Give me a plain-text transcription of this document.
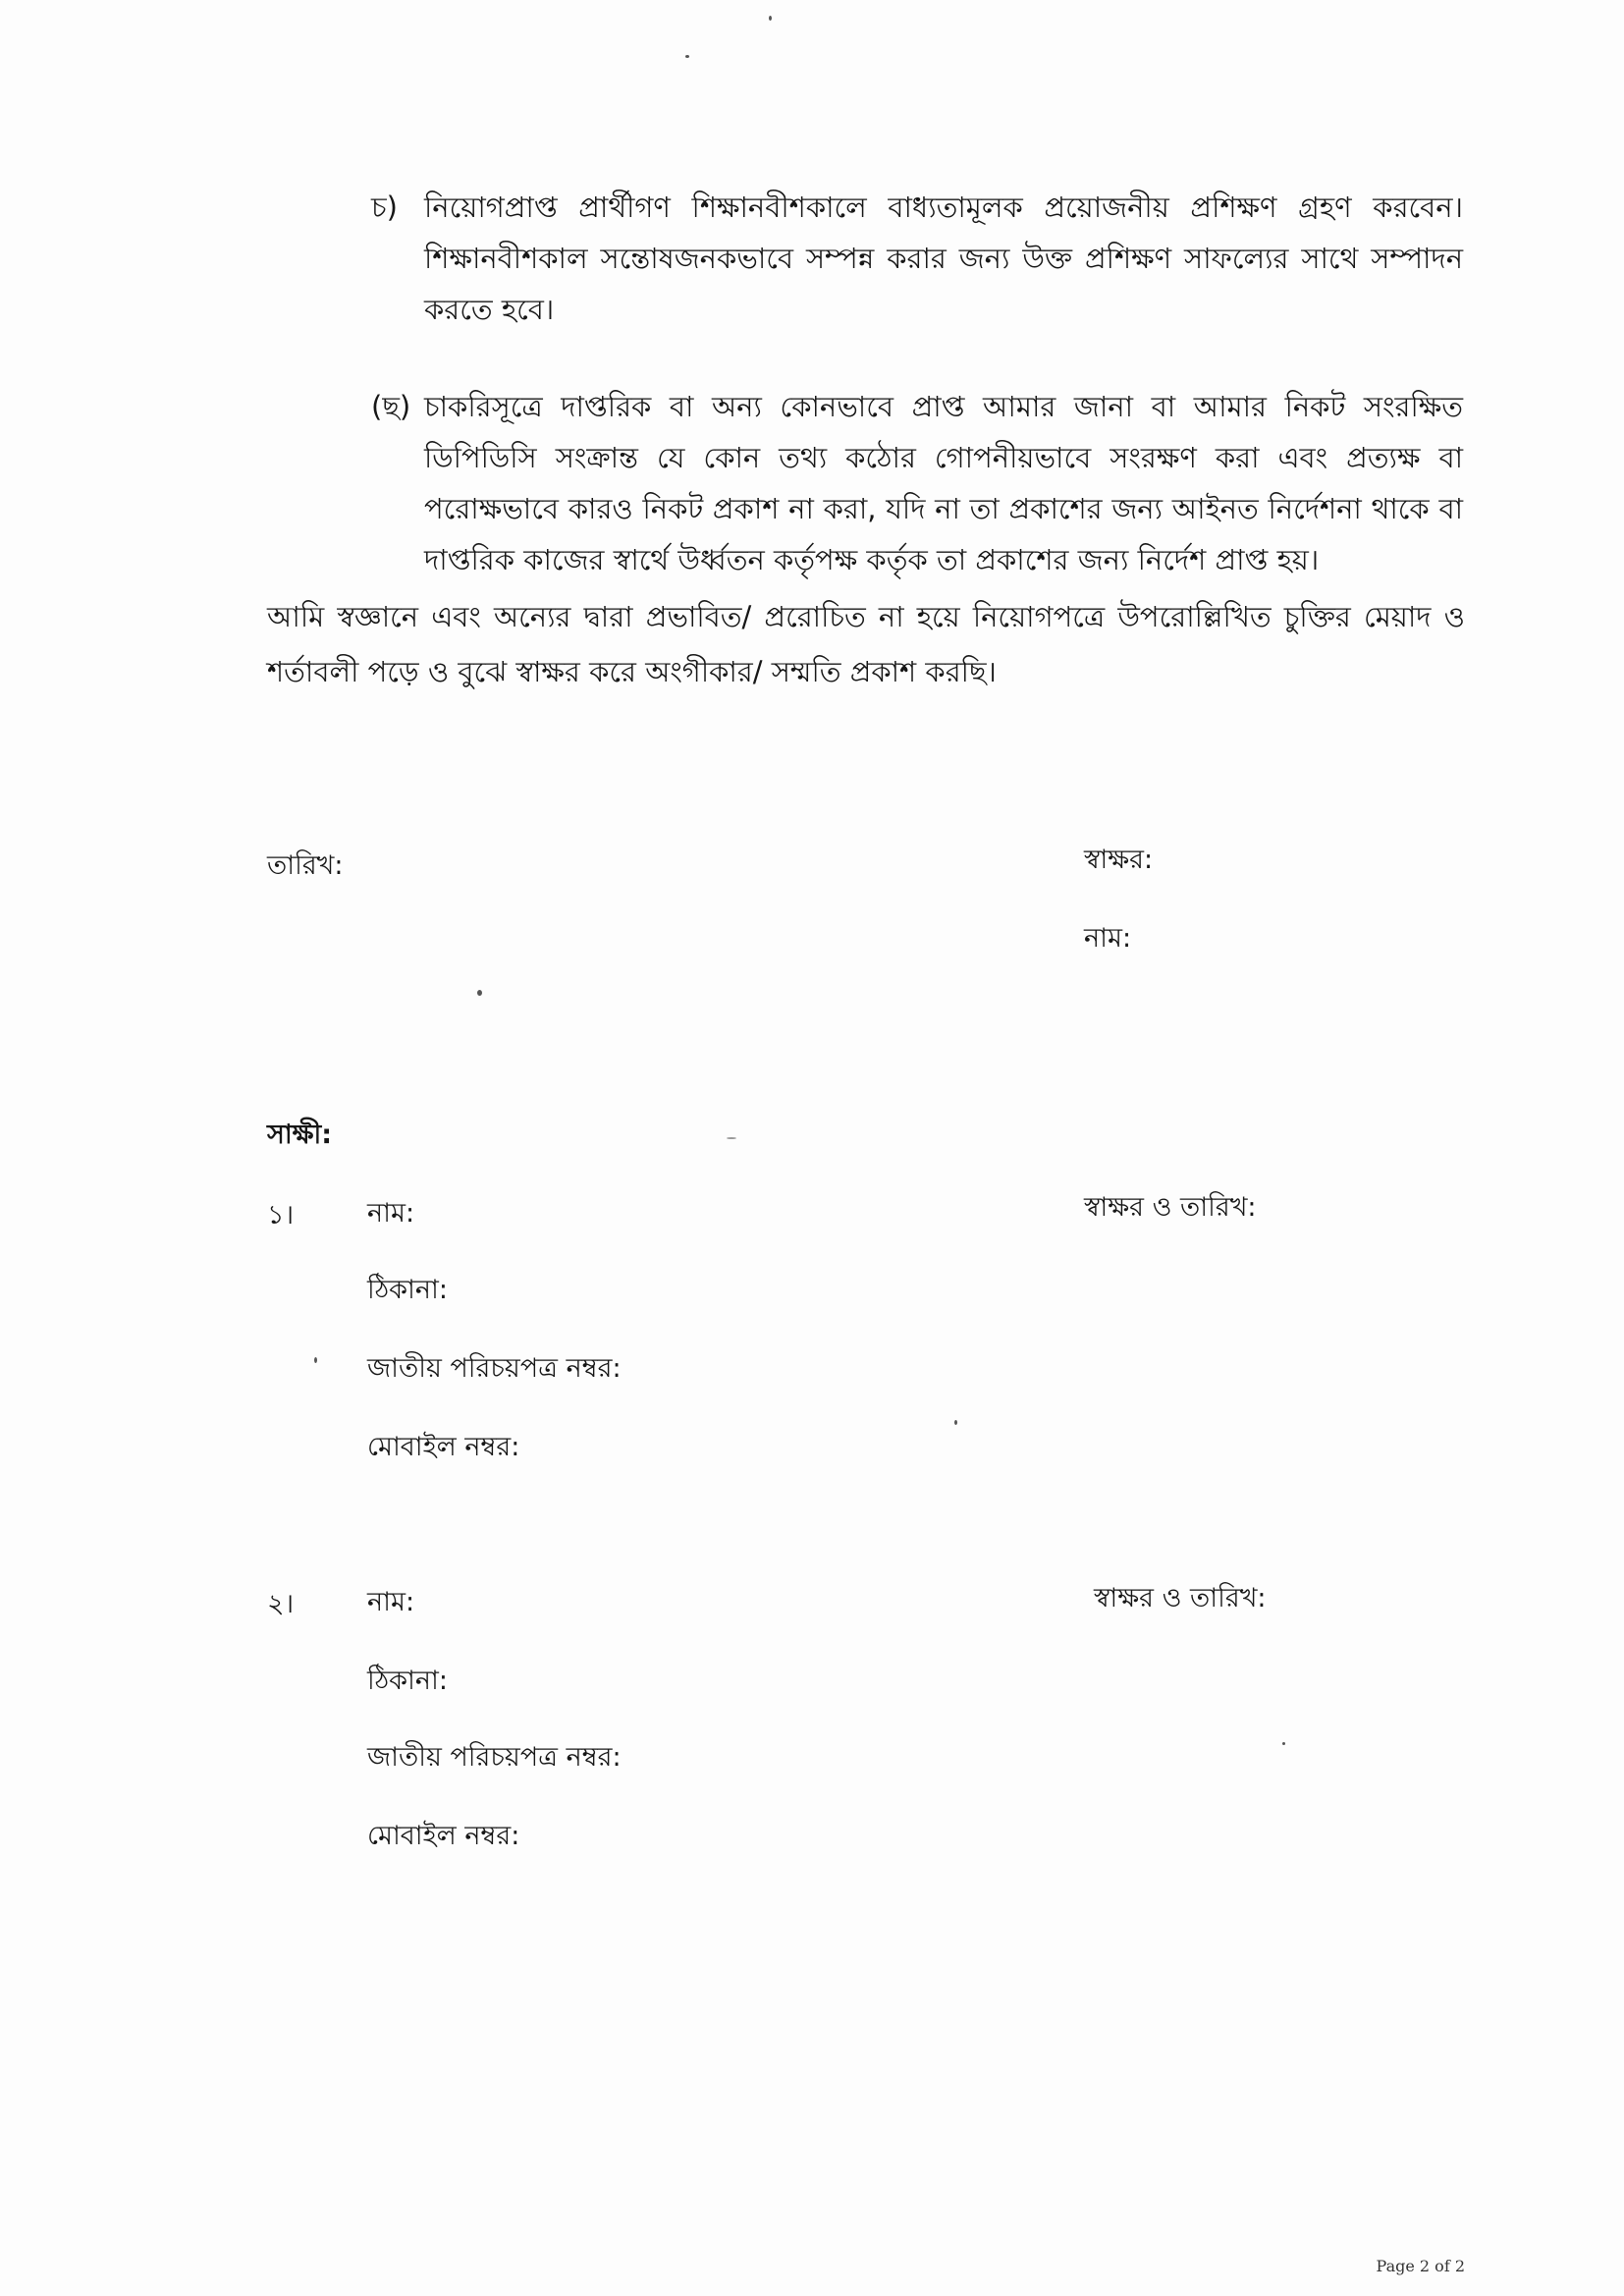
চ) নিয়োগপ্রাপ্ত প্রার্থীগণ শিক্ষানবীশকালে বাধ্যতামূলক প্রয়োজনীয় প্রশিক্ষণ গ্রহণ করবেন। শিক্ষানবীশকাল সন্তোষজনকভাবে সম্পন্ন করার জন্য উক্ত প্রশিক্ষণ সাফল্যের সাথে সম্পাদন করতে হবে।
(ছ) চাকরিসূত্রে দাপ্তরিক বা অন্য কোনভাবে প্রাপ্ত আমার জানা বা আমার নিকট সংরক্ষিত ডিপিডিসি সংক্রান্ত যে কোন তথ্য কঠোর গোপনীয়ভাবে সংরক্ষণ করা এবং প্রত্যক্ষ বা পরোক্ষভাবে কারও নিকট প্রকাশ না করা, যদি না তা প্রকাশের জন্য আইনত নির্দেশনা থাকে বা দাপ্তরিক কাজের স্বার্থে উর্ধ্বতন কর্তৃপক্ষ কর্তৃক তা প্রকাশের জন্য নির্দেশ প্রাপ্ত হয়।
আমি স্বজ্ঞানে এবং অন্যের দ্বারা প্রভাবিত/ প্ররোচিত না হয়ে নিয়োগপত্রে উপরোল্লিখিত চুক্তির মেয়াদ ও শর্তাবলী পড়ে ও বুঝে স্বাক্ষর করে অংগীকার/ সম্মতি প্রকাশ করছি।
তারিখ:	স্বাক্ষর:
নাম:
সাক্ষী:
১।	নাম:
ঠিকানা:
জাতীয় পরিচয়পত্র নম্বর:
মোবাইল নম্বর:
স্বাক্ষর ও তারিখ:
২।	নাম:
ঠিকানা:
জাতীয় পরিচয়পত্র নম্বর:
মোবাইল নম্বর:
স্বাক্ষর ও তারিখ:
Page 2 of 2
